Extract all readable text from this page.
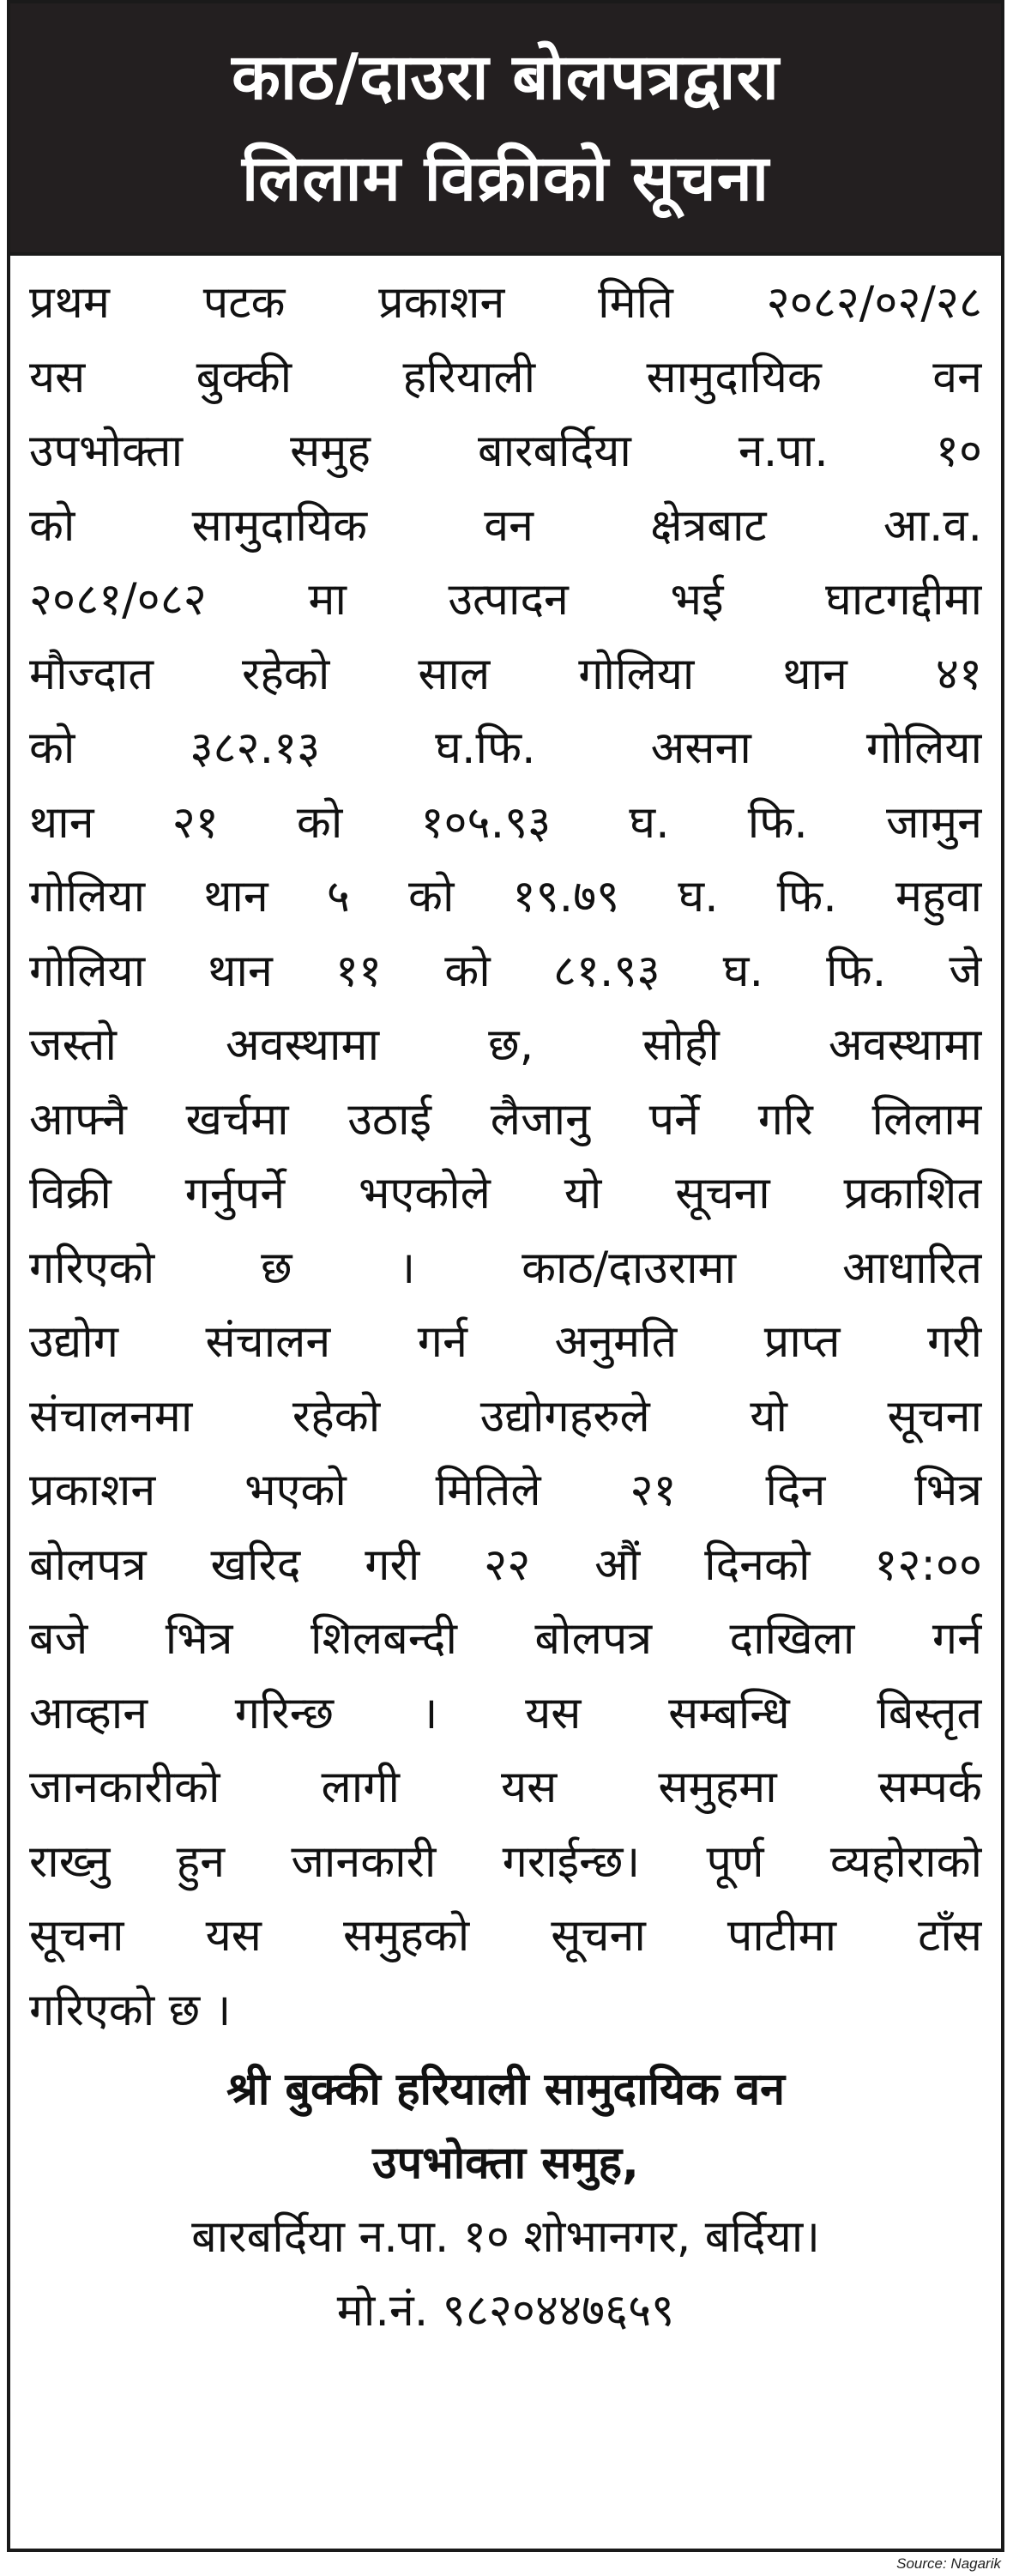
काठ/दाउरा बोलपत्रद्वारा
लिलाम विक्रीको सूचना
प्रथम पटक प्रकाशन मिति २०८२/०२/२८
यस बुक्की हरियाली सामुदायिक वन
उपभोक्ता समुह बारबर्दिया न.पा. १०
को सामुदायिक वन क्षेत्रबाट आ.व.
२०८१/०८२ मा उत्पादन भई घाटगद्दीमा
मौज्दात रहेको साल गोलिया थान ४१
को ३८२.१३ घ.फि. असना गोलिया
थान २१ को १०५.९३ घ. फि. जामुन
गोलिया थान ५ को १९.७९ घ. फि. महुवा
गोलिया थान ११ को ८१.९३ घ. फि. जे
जस्तो अवस्थामा छ, सोही अवस्थामा
आफ्नै खर्चमा उठाई लैजानु पर्ने गरि लिलाम
विक्री गर्नुपर्ने भएकोले यो सूचना प्रकाशित
गरिएको छ । काठ/दाउरामा आधारित
उद्योग संचालन गर्न अनुमति प्राप्त गरी
संचालनमा रहेको उद्योगहरुले यो सूचना
प्रकाशन भएको मितिले २१ दिन भित्र
बोलपत्र खरिद गरी २२ औं दिनको १२:००
बजे भित्र शिलबन्दी बोलपत्र दाखिला गर्न
आव्हान गरिन्छ । यस सम्बन्धि बिस्तृत
जानकारीको लागी यस समुहमा सम्पर्क
राख्नु हुन जानकारी गराईन्छ। पूर्ण व्यहोराको
सूचना यस समुहको सूचना पाटीमा टाँस
गरिएको छ ।
श्री बुक्की हरियाली सामुदायिक वन
उपभोक्ता समुह,
बारबर्दिया न.पा. १० शोभानगर, बर्दिया।
मो.नं. ९८२०४४७६५९
Source: Nagarik
